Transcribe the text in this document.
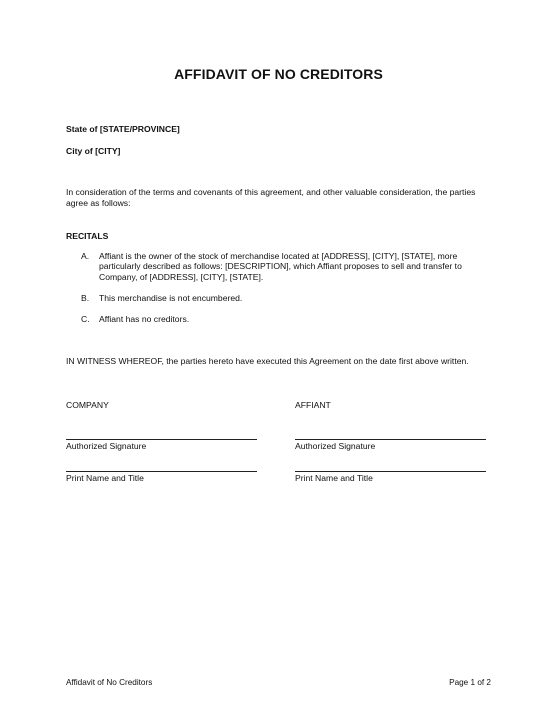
AFFIDAVIT OF NO CREDITORS
State of [STATE/PROVINCE]
City of [CITY]
In consideration of the terms and covenants of this agreement, and other valuable consideration, the parties agree as follows:
RECITALS
A.	Affiant is the owner of the stock of merchandise located at [ADDRESS], [CITY], [STATE], more particularly described as follows: [DESCRIPTION], which Affiant proposes to sell and transfer to Company, of [ADDRESS], [CITY], [STATE].
B.	This merchandise is not encumbered.
C.	Affiant has no creditors.
IN WITNESS WHEREOF, the parties hereto have executed this Agreement on the date first above written.
COMPANY
Authorized Signature
Print Name and Title
AFFIANT
Authorized Signature
Print Name and Title
Affidavit of No Creditors	Page 1 of 2
